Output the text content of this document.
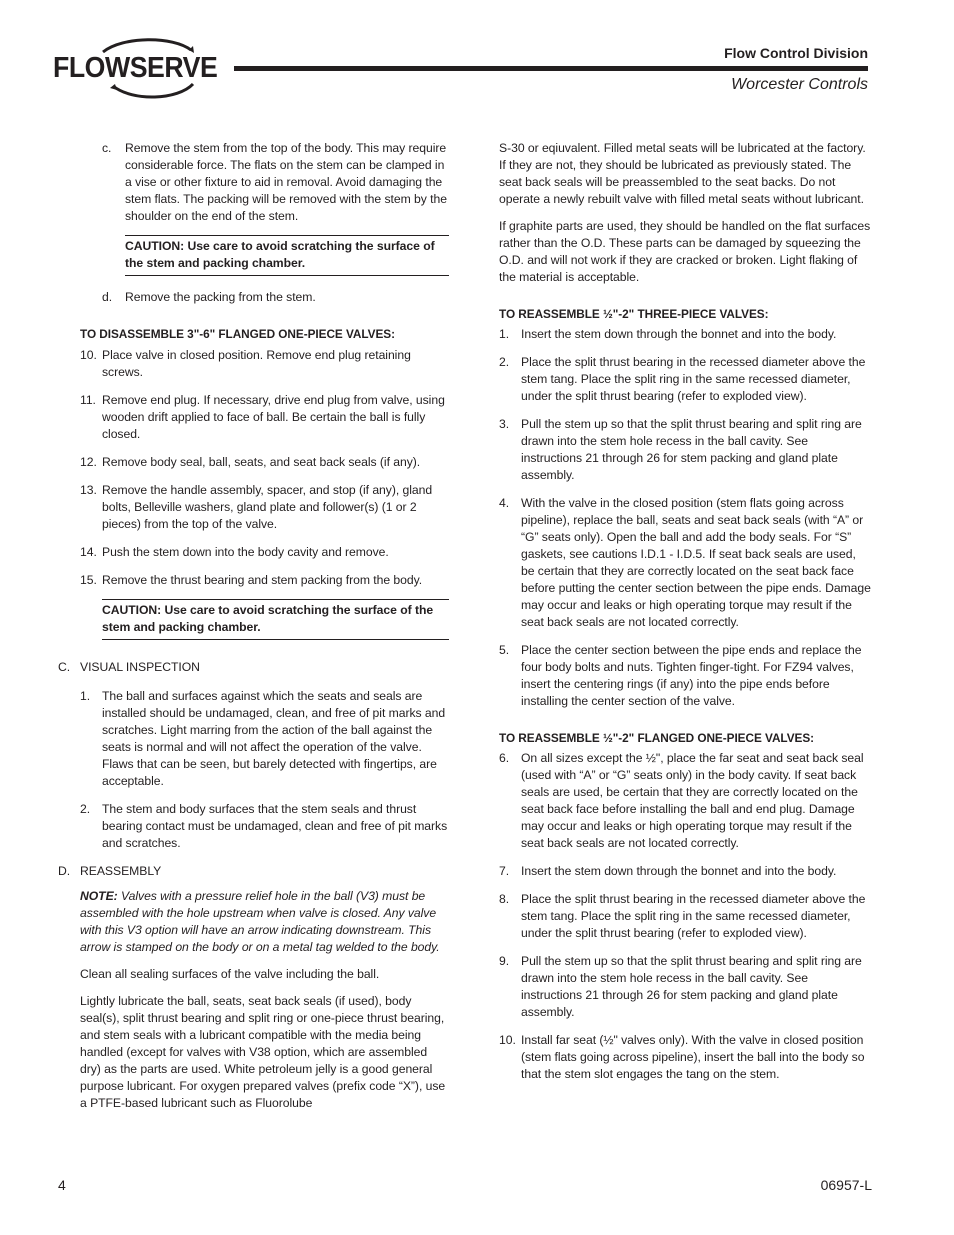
FLOWSERVE	Flow Control Division
Worcester Controls
c.	Remove the stem from the top of the body. This may require considerable force. The flats on the stem can be clamped in a vise or other fixture to aid in removal. Avoid damaging the stem flats. The packing will be removed with the stem by the shoulder on the end of the stem.
CAUTION: Use care to avoid scratching the surface of the stem and packing chamber.
d.	Remove the packing from the stem.

TO DISASSEMBLE 3"-6" FLANGED ONE-PIECE VALVES:

10. Place valve in closed position. Remove end plug retaining screws.
11. Remove end plug. If necessary, drive end plug from valve, using wooden drift applied to face of ball. Be certain the ball is fully closed.
12. Remove body seal, ball, seats, and seat back seals (if any).
13. Remove the handle assembly, spacer, and stop (if any), gland bolts, Belleville washers, gland plate and follower(s) (1 or 2 pieces) from the top of the valve.
14. Push the stem down into the body cavity and remove.
15. Remove the thrust bearing and stem packing from the body.
CAUTION: Use care to avoid scratching the surface of the stem and packing chamber.
C. VISUAL INSPECTION
1. The ball and surfaces against which the seats and seals are installed should be undamaged, clean, and free of pit marks and scratches. Light marring from the action of the ball against the seats is normal and will not affect the operation of the valve. Flaws that can be seen, but barely detected with fingertips, are acceptable.
2. The stem and body surfaces that the stem seals and thrust bearing contact must be undamaged, clean and free of pit marks and scratches.
D. REASSEMBLY

NOTE: Valves with a pressure relief hole in the ball (V3) must be assembled with the hole upstream when valve is closed. Any valve with this V3 option will have an arrow indicating downstream. This arrow is stamped on the body or on a metal tag welded to the body.

Clean all sealing surfaces of the valve including the ball.

Lightly lubricate the ball, seats, seat back seals (if used), body seal(s), split thrust bearing and split ring or one-piece thrust bearing, and stem seals with a lubricant compatible with the media being handled (except for valves with V38 option, which are assembled dry) as the parts are used. White petroleum jelly is a good general purpose lubricant. For oxygen prepared valves (prefix code “X”), use a PTFE-based lubricant such as Fluorolube

S-30 or eqiuvalent. Filled metal seats will be lubricated at the factory. If they are not, they should be lubricated as previously stated. The seat back seals will be preassembled to the seat backs. Do not operate a newly rebuilt valve with filled metal seats without lubricant.

If graphite parts are used, they should be handled on the flat surfaces rather than the O.D. These parts can be damaged by squeezing the O.D. and will not work if they are cracked or broken. Light flaking of the material is acceptable.

TO REASSEMBLE ½"-2" THREE-PIECE VALVES:

1. Insert the stem down through the bonnet and into the body.
2. Place the split thrust bearing in the recessed diameter above the stem tang. Place the split ring in the same recessed diameter, under the split thrust bearing (refer to exploded view).
3. Pull the stem up so that the split thrust bearing and split ring are drawn into the stem hole recess in the ball cavity. See instructions 21 through 26 for stem packing and gland plate assembly.
4. With the valve in the closed position (stem flats going across pipeline), replace the ball, seats and seat back seals (with “A” or “G” seats only). Open the ball and add the body seals. For “S” gaskets, see cautions I.D.1 - I.D.5. If seat back seals are used, be certain that they are correctly located on the seat back face before putting the center section between the pipe ends. Damage may occur and leaks or high operating torque may result if the seat back seals are not located correctly.
5. Place the center section between the pipe ends and replace the four body bolts and nuts. Tighten finger-tight. For FZ94 valves, insert the centering rings (if any) into the pipe ends before installing the center section of the valve.

TO REASSEMBLE ½"-2" FLANGED ONE-PIECE VALVES:

6. On all sizes except the ½", place the far seat and seat back seal (used with “A” or “G” seats only) in the body cavity. If seat back seals are used, be certain that they are correctly located on the seat back face before installing the ball and end plug. Damage may occur and leaks or high operating torque may result if the seat back seals are not located correctly.
7. Insert the stem down through the bonnet and into the body.
8. Place the split thrust bearing in the recessed diameter above the stem tang. Place the split ring in the same recessed diameter, under the split thrust bearing (refer to exploded view).
9. Pull the stem up so that the split thrust bearing and split ring are drawn into the stem hole recess in the ball cavity. See instructions 21 through 26 for stem packing and gland plate assembly.
10. Install far seat (½" valves only). With the valve in closed position (stem flats going across pipeline), insert the ball into the body so that the stem slot engages the tang on the stem.
4	06957-L
